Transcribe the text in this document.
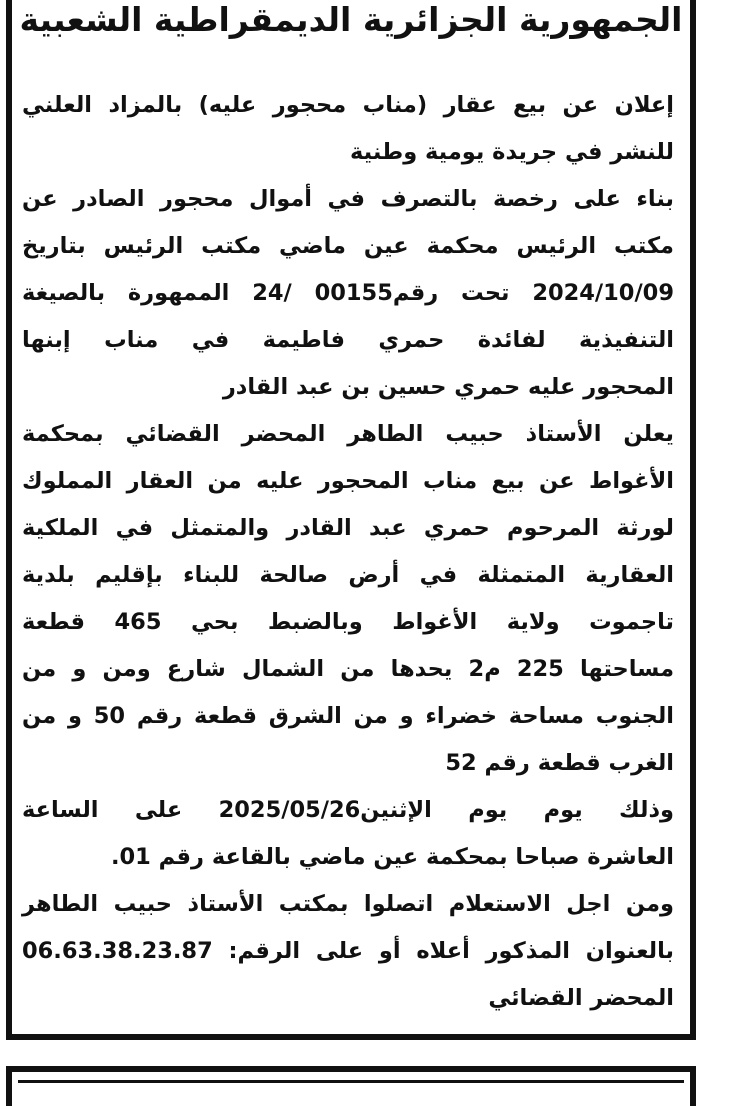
الجمهورية الجزائرية الديمقراطية الشعبية
إعلان عن بيع عقار (مناب محجور عليه) بالمزاد العلني
للنشر في جريدة يومية وطنية
بناء على رخصة بالتصرف في أموال محجور الصادر عن
مكتب الرئيس محكمة عين ماضي مكتب الرئيس بتاريخ
2024/10/09 تحت رقم00155 /24 الممهورة بالصيغة
التنفيذية لفائدة حمري فاطيمة في مناب إبنها
المحجور عليه حمري حسين بن عبد القادر
يعلن الأستاذ حبيب الطاهر المحضر القضائي بمحكمة
الأغواط عن بيع مناب المحجور عليه من العقار المملوك
لورثة المرحوم حمري عبد القادر والمتمثل في الملكية
العقارية المتمثلة في أرض صالحة للبناء بإقليم بلدية
تاجموت ولاية الأغواط وبالضبط بحي 465 قطعة
مساحتها 225 م2 يحدها من الشمال شارع ومن و من
الجنوب مساحة خضراء و من الشرق قطعة رقم 50 و من
الغرب قطعة رقم 52
وذلك يوم يوم الإثنين2025/05/26 على الساعة
العاشرة صباحا بمحكمة عين ماضي بالقاعة رقم 01.
ومن اجل الاستعلام اتصلوا بمكتب الأستاذ حبيب الطاهر
بالعنوان المذكور أعلاه أو على الرقم: 06.63.38.23.87
المحضر القضائي
